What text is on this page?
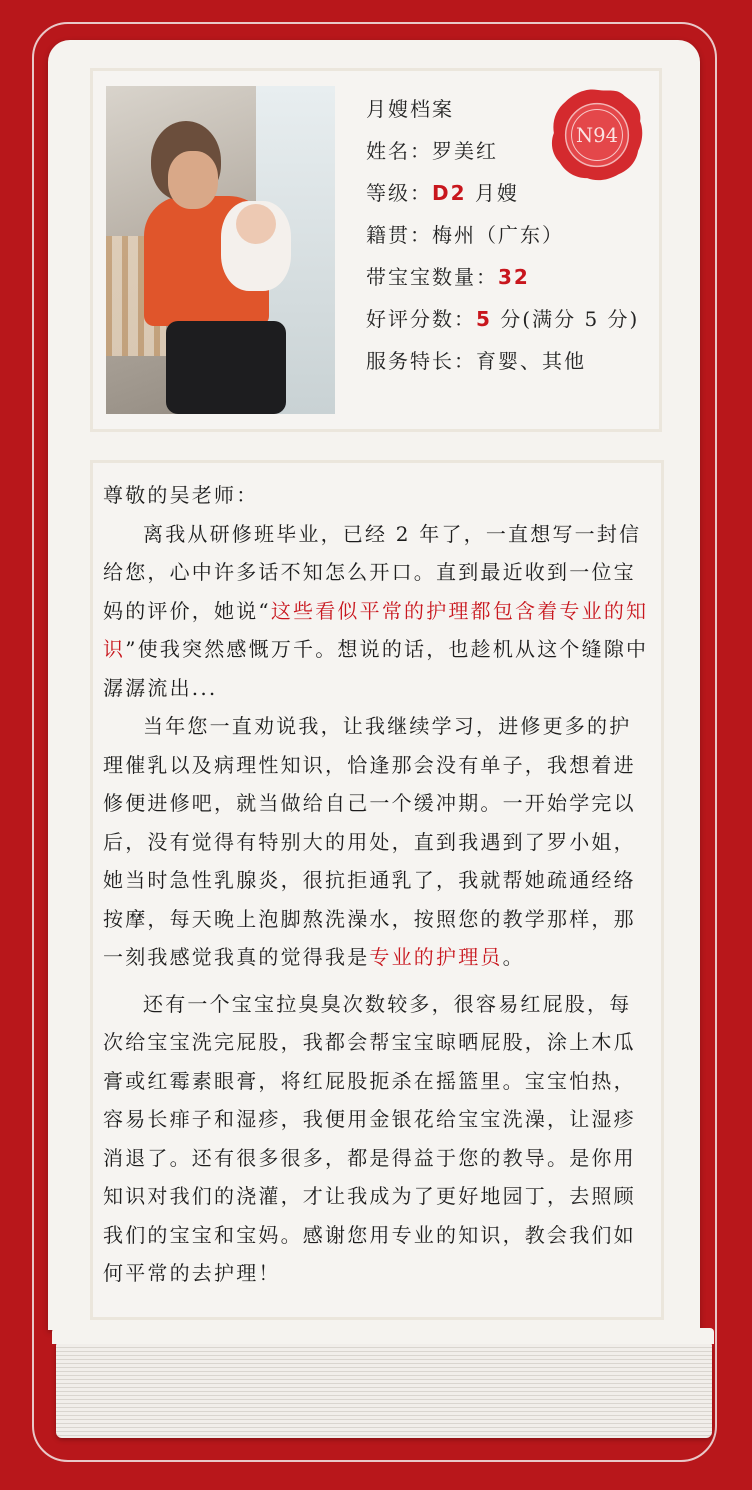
N94
月嫂档案
姓名：罗美红
等级：D2 月嫂
籍贯：梅州（广东）
带宝宝数量：32
好评分数：5 分(满分 5 分)
服务特长：育婴、其他

尊敬的吴老师：

离我从研修班毕业，已经 2 年了，一直想写一封信给您，心中许多话不知怎么开口。直到最近收到一位宝妈的评价，她说“这些看似平常的护理都包含着专业的知识”使我突然感慨万千。想说的话，也趁机从这个缝隙中潺潺流出...

当年您一直劝说我，让我继续学习，进修更多的护理催乳以及病理性知识，恰逢那会没有单子，我想着进修便进修吧，就当做给自己一个缓冲期。一开始学完以后，没有觉得有特别大的用处，直到我遇到了罗小姐，她当时急性乳腺炎，很抗拒通乳了，我就帮她疏通经络按摩，每天晚上泡脚熬洗澡水，按照您的教学那样，那一刻我感觉我真的觉得我是专业的护理员。

还有一个宝宝拉臭臭次数较多，很容易红屁股，每次给宝宝洗完屁股，我都会帮宝宝晾晒屁股，涂上木瓜膏或红霉素眼膏，将红屁股扼杀在摇篮里。宝宝怕热，容易长痱子和湿疹，我便用金银花给宝宝洗澡，让湿疹消退了。还有很多很多，都是得益于您的教导。是你用知识对我们的浇灌，才让我成为了更好地园丁，去照顾我们的宝宝和宝妈。感谢您用专业的知识，教会我们如何平常的去护理！
